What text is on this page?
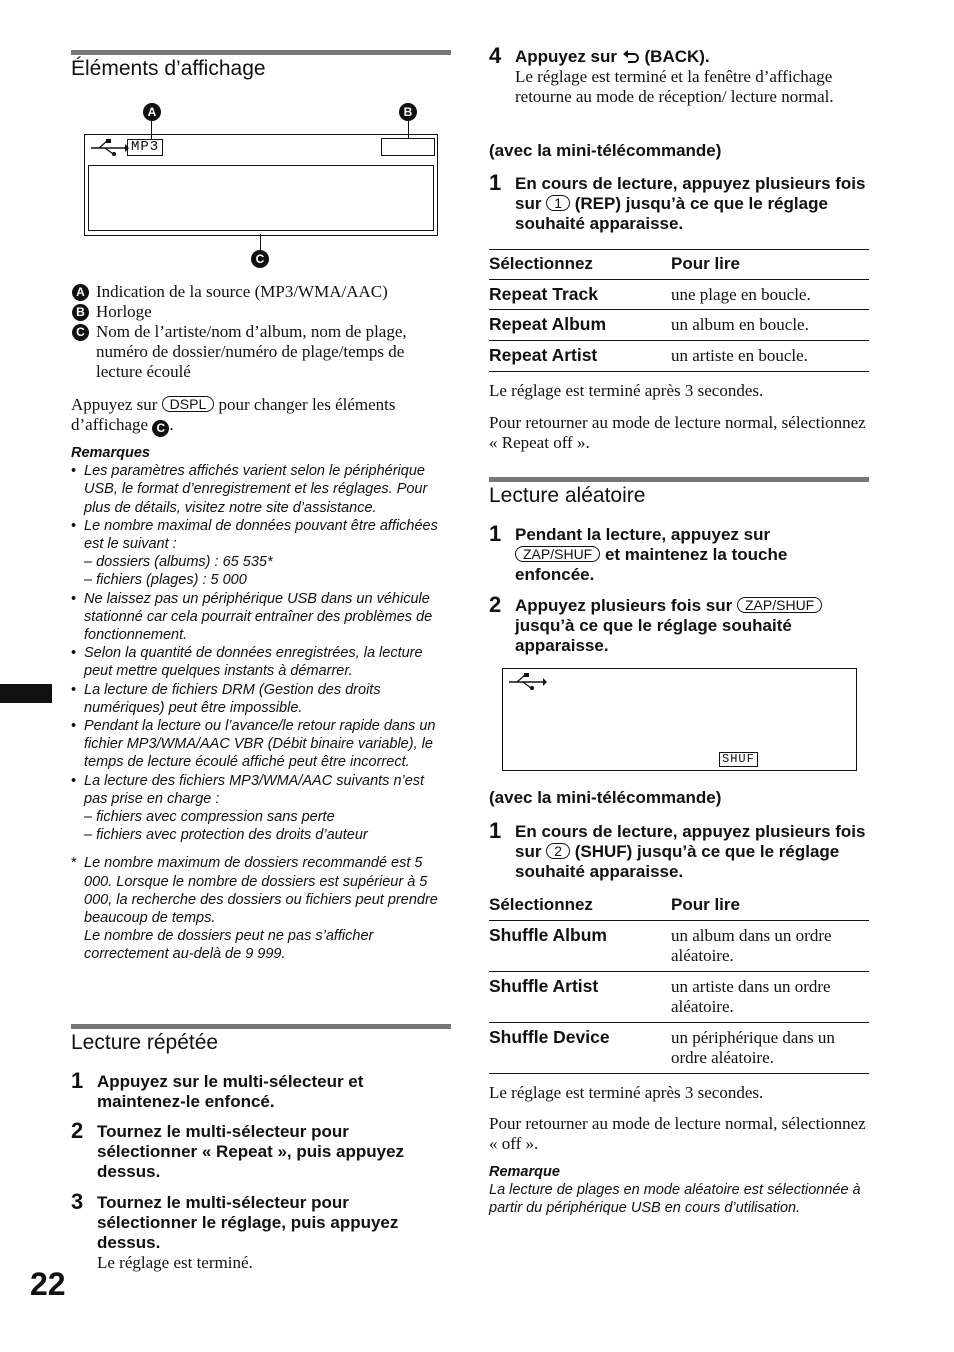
22
Éléments d’affichage
A	B
MP3
C
A Indication de la source (MP3/WMA/AAC)
B Horloge
C Nom de l’artiste/nom d’album, nom de plage, numéro de dossier/numéro de plage/temps de lecture écoulé
Appuyez sur DSPL pour changer les éléments d’affichage C .
Remarques
• Les paramètres affichés varient selon le périphérique USB, le format d’enregistrement et les réglages. Pour plus de détails, visitez notre site d’assistance.
• Le nombre maximal de données pouvant être affichées est le suivant :
– dossiers (albums) : 65 535*
– fichiers (plages) : 5 000
• Ne laissez pas un périphérique USB dans un véhicule stationné car cela pourrait entraîner des problèmes de fonctionnement.
• Selon la quantité de données enregistrées, la lecture peut mettre quelques instants à démarrer.
• La lecture de fichiers DRM (Gestion des droits numériques) peut être impossible.
• Pendant la lecture ou l’avance/le retour rapide dans un fichier MP3/WMA/AAC VBR (Débit binaire variable), le temps de lecture écoulé affiché peut être incorrect.
• La lecture des fichiers MP3/WMA/AAC suivants n’est pas prise en charge :
– fichiers avec compression sans perte
– fichiers avec protection des droits d’auteur
* Le nombre maximum de dossiers recommandé est 5 000. Lorsque le nombre de dossiers est supérieur à 5 000, la recherche des dossiers ou fichiers peut prendre beaucoup de temps.
Le nombre de dossiers peut ne pas s’afficher correctement au-delà de 9 999.
Lecture répétée
1 Appuyez sur le multi-sélecteur et maintenez-le enfoncé.
2 Tournez le multi-sélecteur pour sélectionner « Repeat », puis appuyez dessus.
3 Tournez le multi-sélecteur pour sélectionner le réglage, puis appuyez dessus.
Le réglage est terminé.
4 Appuyez sur (BACK).
Le réglage est terminé et la fenêtre d’affichage retourne au mode de réception/ lecture normal.
(avec la mini-télécommande)
1 En cours de lecture, appuyez plusieurs fois sur 1 (REP) jusqu’à ce que le réglage souhaité apparaisse.
Sélectionnez	Pour lire
Repeat Track	une plage en boucle.
Repeat Album	un album en boucle.
Repeat Artist	un artiste en boucle.
Le réglage est terminé après 3 secondes.
Pour retourner au mode de lecture normal, sélectionnez « Repeat off ».
Lecture aléatoire
1 Pendant la lecture, appuyez sur
ZAP/SHUF et maintenez la touche enfoncée.
2 Appuyez plusieurs fois sur ZAP/SHUF jusqu’à ce que le réglage souhaité apparaisse.
SHUF
(avec la mini-télécommande)
1 En cours de lecture, appuyez plusieurs fois sur 2 (SHUF) jusqu’à ce que le réglage souhaité apparaisse.
Sélectionnez	Pour lire
Shuffle Album	un album dans un ordre aléatoire.
Shuffle Artist	un artiste dans un ordre aléatoire.
Shuffle Device	un périphérique dans un ordre aléatoire.
Le réglage est terminé après 3 secondes.
Pour retourner au mode de lecture normal, sélectionnez « off ».
Remarque
La lecture de plages en mode aléatoire est sélectionnée à partir du périphérique USB en cours d’utilisation.
